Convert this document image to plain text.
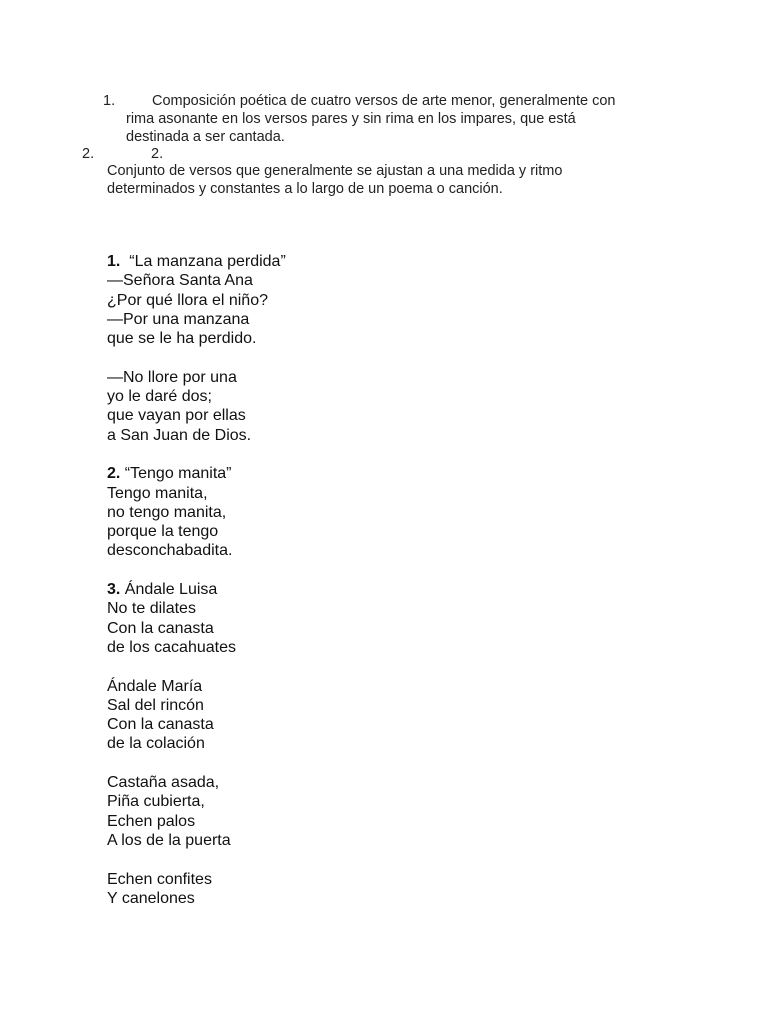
1.	Composición poética de cuatro versos de arte menor, generalmente con
rima asonante en los versos pares y sin rima en los impares, que está
destinada a ser cantada.
2.	2.
Conjunto de versos que generalmente se ajustan a una medida y ritmo
determinados y constantes a lo largo de un poema o canción.
1.  “La manzana perdida”
—Señora Santa Ana
¿Por qué llora el niño?
—Por una manzana
que se le ha perdido.
—No llore por una
yo le daré dos;
que vayan por ellas
a San Juan de Dios.
2. “Tengo manita”
Tengo manita,
no tengo manita,
porque la tengo
desconchabadita.
3. Ándale Luisa
No te dilates
Con la canasta
de los cacahuates
Ándale María
Sal del rincón
Con la canasta
de la colación
Castaña asada,
Piña cubierta,
Echen palos
A los de la puerta
Echen confites
Y canelones
